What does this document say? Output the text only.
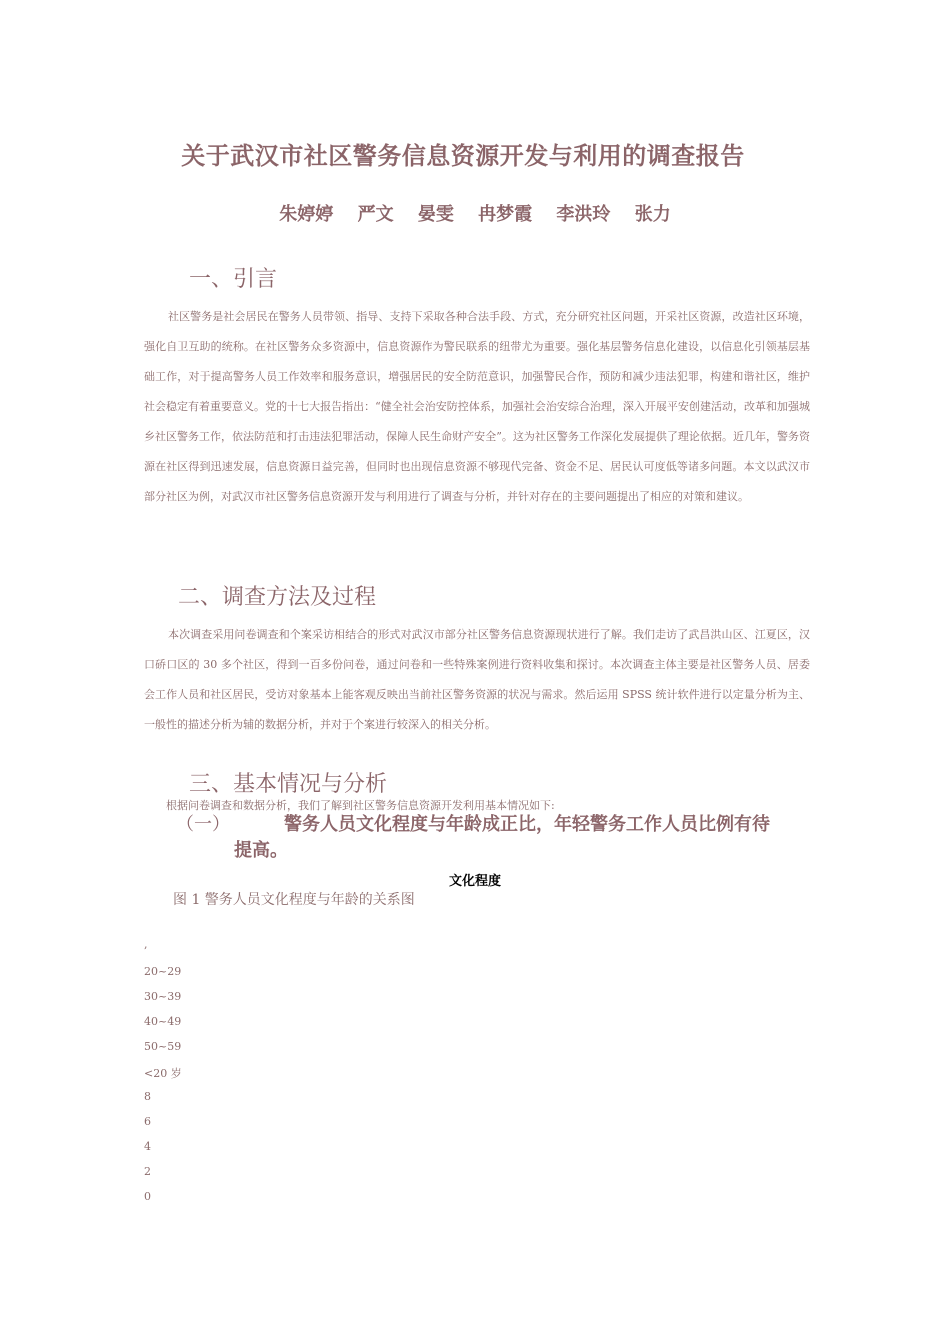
关于武汉市社区警务信息资源开发与利用的调查报告
朱婷婷 严文 晏雯 冉梦霞 李洪玲 张力
一、引言
社区警务是社会居民在警务人员带领、指导、支持下采取各种合法手段、方式，充分研究社区问题，开采社区资源，改造社区环境，强化自卫互助的统称。在社区警务众多资源中，信息资源作为警民联系的纽带尤为重要。强化基层警务信息化建设，以信息化引领基层基础工作，对于提高警务人员工作效率和服务意识，增强居民的安全防范意识，加强警民合作，预防和减少违法犯罪，构建和谐社区，维护社会稳定有着重要意义。党的十七大报告指出：“健全社会治安防控体系，加强社会治安综合治理，深入开展平安创建活动，改革和加强城乡社区警务工作，依法防范和打击违法犯罪活动，保障人民生命财产安全”。这为社区警务工作深化发展提供了理论依据。近几年，警务资源在社区得到迅速发展，信息资源日益完善，但同时也出现信息资源不够现代完备、资金不足、居民认可度低等诸多问题。本文以武汉市部分社区为例，对武汉市社区警务信息资源开发与利用进行了调查与分析，并针对存在的主要问题提出了相应的对策和建议。
二、调查方法及过程
本次调查采用问卷调查和个案采访相结合的形式对武汉市部分社区警务信息资源现状进行了解。我们走访了武昌洪山区、江夏区，汉口硚口区的 30 多个社区，得到一百多份问卷，通过问卷和一些特殊案例进行资料收集和探讨。本次调查主体主要是社区警务人员、居委会工作人员和社区居民，受访对象基本上能客观反映出当前社区警务资源的状况与需求。然后运用 SPSS 统计软件进行以定量分析为主、一般性的描述分析为辅的数据分析，并对于个案进行较深入的相关分析。
三、基本情况与分析
根据问卷调查和数据分析，我们了解到社区警务信息资源开发利用基本情况如下:
（一）	警务人员文化程度与年龄成正比，年轻警务工作人员比例有待
提高。
文化程度
图 1 警务人员文化程度与年龄的关系图
,
20~29
30~39
40~49
50~59
<20 岁
8
6
4
2
0
